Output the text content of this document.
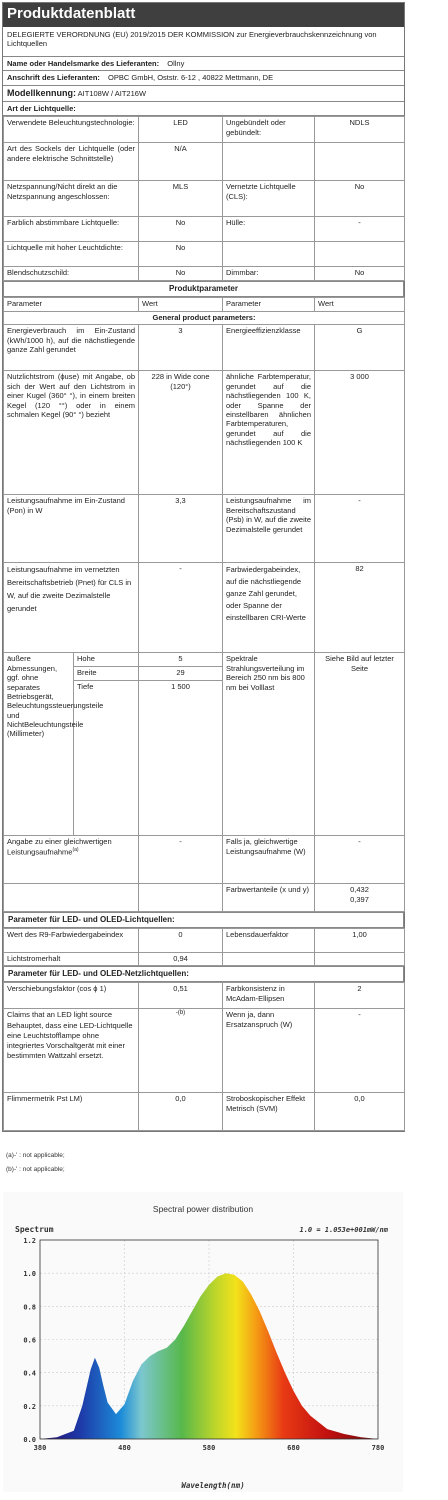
Produktdatenblatt
DELEGIERTE VERORDNUNG (EU) 2019/2015 DER KOMMISSION zur Energieverbrauchskennzeichnung von Lichtquellen
Name oder Handelsmarke des Lieferanten: Ollny
Anschrift des Lieferanten: OPBC GmbH, Oststr. 6-12 , 40822 Mettmann, DE
Modellkennung: AIT108W / AIT216W
Art der Lichtquelle:
Verwendete Beleuchtungstechnologie:	LED	Ungebündelt oder gebündelt:	NDLS
Art des Sockels der Lichtquelle (oder andere elektrische Schnittstelle)	N/A		
Netzspannung/Nicht direkt an die Netzspannung angeschlossen:	MLS	Vernetzte Lichtquelle (CLS):	No
Farblich abstimmbare Lichtquelle:	No	Hülle:	-
Lichtquelle mit hoher Leuchtdichte:	No		
Blendschutzschild:	No	Dimmbar:	No
Produktparameter
Parameter		Wert	Parameter	Wert
General product parameters:				
Energieverbrauch im Ein-Zustand (kWh/1000 h), auf die nächstliegende ganze Zahl gerundet		3	Energieeffizienzklasse	G
Nutzlichtstrom (ϕuse) mit Angabe, ob sich der Wert auf den Lichtstrom in einer Kugel (360° °), in einem breiten Kegel (120 °°) oder in einem schmalen Kegel (90° °) bezieht		228 in Wide cone (120°)	ähnliche Farbtemperatur, gerundet auf die nächstliegenden 100 K, oder Spanne der einstellbaren ähnlichen Farbtemperaturen, gerundet auf die nächstliegenden 100 K	3 000
Leistungsaufnahme im Ein-Zustand (Pon) in W		3,3	Leistungsaufnahme im Bereitschaftszustand (Psb) in W, auf die zweite Dezimalstelle gerundet	-
Leistungsaufnahme im vernetzten Bereitschaftsbetrieb (Pnet) für CLS in W, auf die zweite Dezimalstelle gerundet		-	Farbwiedergabeindex, auf die nächstliegende ganze Zahl gerundet, oder Spanne der einstellbaren CRI-Werte	82
äußere Abmessungen, ggf. ohne separates Betriebsgerät, Beleuchtungssteuerungsteile und NichtBeleuchtungsteile (Millimeter)	Hohe	5	Spektrale Strahlungsverteilung im Bereich 250 nm bis 800 nm bei Volllast	Siehe Bild auf letzter Seite
	Breite	29		
	Tiefe	1 500		
Angabe zu einer gleichwertigen Leistungsaufnahme$^{(a)}$		-	Falls ja, gleichwertige Leistungsaufnahme (W)	-
			Farbwertanteile (x und y)	0,432
0,397
Parameter für LED- und OLED-Lichtquellen:
Wert des R9-Farbwiedergabeindex	0	Lebensdauerfaktor	1,00
Lichtstromerhalt	0,94		
Parameter für LED- und OLED-Netzlichtquellen:
Verschiebungsfaktor (cos ϕ 1)	0,51	Farbkonsistenz in McAdam-Ellipsen	2
Claims that an LED light source Behauptet, dass eine LED-Lichtquelle eine Leuchtstofflampe ohne integriertes Vorschaltgerät mit einer bestimmten Wattzahl ersetzt.	-(b)	Wenn ja, dann Ersatzanspruch (W)	-
Flimmermetrik Pst LM)	0,0	Stroboskopischer Effekt Metrisch (SVM)	0,0
(a)-' : not applicable;
(b)-' : not applicable;
Spectral power distribution
Spectrum	1.0 = 1.053e+001mW/nm
Wavelength(nm)
0.0
0.2
0.4
0.6
0.8
1.0
1.2
380	480	580	680	780
